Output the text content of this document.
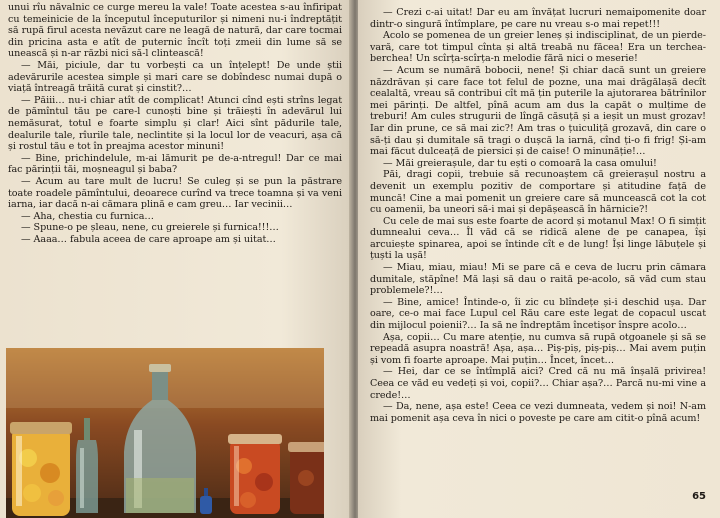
unui rîu năvalnic ce curge mereu la vale! Toate acestea s-au înfiripat cu temeinicie de la începutul începuturilor și nimeni nu-i îndreptățit să rupă firul acesta nevăzut care ne leagă de natură, dar care tocmai din pricina asta e atît de puternic încît toți zmeii din lume să se unească și n-ar răzbi nici să-l clintească!

— Măi, piciule, dar tu vorbești ca un înțelept! De unde știi adevărurile acestea simple și mari care se dobîndesc numai după o viață întreagă trăită curat și cinstit?…

— Păiii… nu-i chiar atît de complicat! Atunci cînd ești strîns legat de pămîntul tău pe care-l cunoști bine și trăiești în adevărul lui nemăsurat, totul e foarte simplu și clar! Aici sînt pădurile tale, dealurile tale, rîurile tale, neclintite și la locul lor de veacuri, așa că și rostul tău e tot în preajma acestor minuni!

— Bine, prichindelule, m-ai lămurit pe de-a-ntregul! Dar ce mai fac părinții tăi, moșneagul și baba?

— Acum au tare mult de lucru! Se culeg și se pun la păstrare toate roadele pămîntului, deoarece curînd va trece toamna și va veni iarna, iar dacă n-ai cămara plină e cam greu… Iar vecinii…

— Aha, chestia cu furnica…

— Spune-o pe șleau, nene, cu greierele și furnica!!!…

— Aaaa… fabula aceea de care aproape am și uitat…

— Crezi c-ai uitat! Dar eu am învățat lucruri nemaipomenite doar dintr-o singură întîmplare, pe care nu vreau s-o mai repet!!!

Acolo se pomenea de un greier leneș și indisciplinat, de un pierde-vară, care tot timpul cînta și altă treabă nu făcea! Era un terchea-berchea! Un scîrța-scîrța-n melodie fără nici o meserie!

— Acum se numără bobocii, nene! Și chiar dacă sunt un greiere năzdrăvan și care face tot felul de pozne, una mai drăgălașă decît cealaltă, vreau să contribui cît mă țin puterile la ajutorarea bătrînilor mei părinți. De altfel, pînă acum am dus la capăt o mulțime de treburi! Am cules strugurii de lîngă căsuță și a ieșit un must grozav! Iar din prune, ce să mai zic?! Am tras o țuiculiță grozavă, din care o să-ți dau și dumitale să tragi o dușcă la iarnă, cînd ți-o fi frig! Și-am mai făcut dulceață de piersici și de caise! O minunăție!…

— Măi greierașule, dar tu ești o comoară la casa omului!

Păi, dragi copii, trebuie să recunoaștem că greierașul nostru a devenit un exemplu pozitiv de comportare și atitudine față de muncă! Cine a mai pomenit un greiere care să muncească cot la cot cu oamenii, ba uneori să-i mai și depășească în hărnicie?!

Cu cele de mai sus este foarte de acord și motanul Max! O fi simțit dumnealui ceva… Îl văd că se ridică alene de pe canapea, își arcuiește spinarea, apoi se întinde cît e de lung! Își linge lăbuțele și țuști la ușă!

— Miau, miau, miau! Mi se pare că e ceva de lucru prin cămara dumitale, stăpîne! Mă lași să dau o raită pe-acolo, să văd cum stau problemele?!…

— Bine, amice! Întinde-o, îi zic cu blîndețe și-i deschid ușa. Dar oare, ce-o mai face Lupul cel Rău care este legat de copacul uscat din mijlocul poienii?… Ia să ne îndreptăm încetișor înspre acolo…

Așa, copii… Cu mare atenție, nu cumva să rupă otgoanele și să se repeadă asupra noastră! Așa, așa… Piș-piș, piș-piș… Mai avem puțin și vom fi foarte aproape. Mai puțin… Încet, încet…

— Hei, dar ce se întîmplă aici? Cred că nu mă înșală privirea! Ceea ce văd eu vedeți și voi, copii?… Chiar așa?… Parcă nu-mi vine a crede!…

— Da, nene, așa este! Ceea ce vezi dumneata, vedem și noi! N-am mai pomenit așa ceva în nici o poveste pe care am citit-o pînă acum!

65
